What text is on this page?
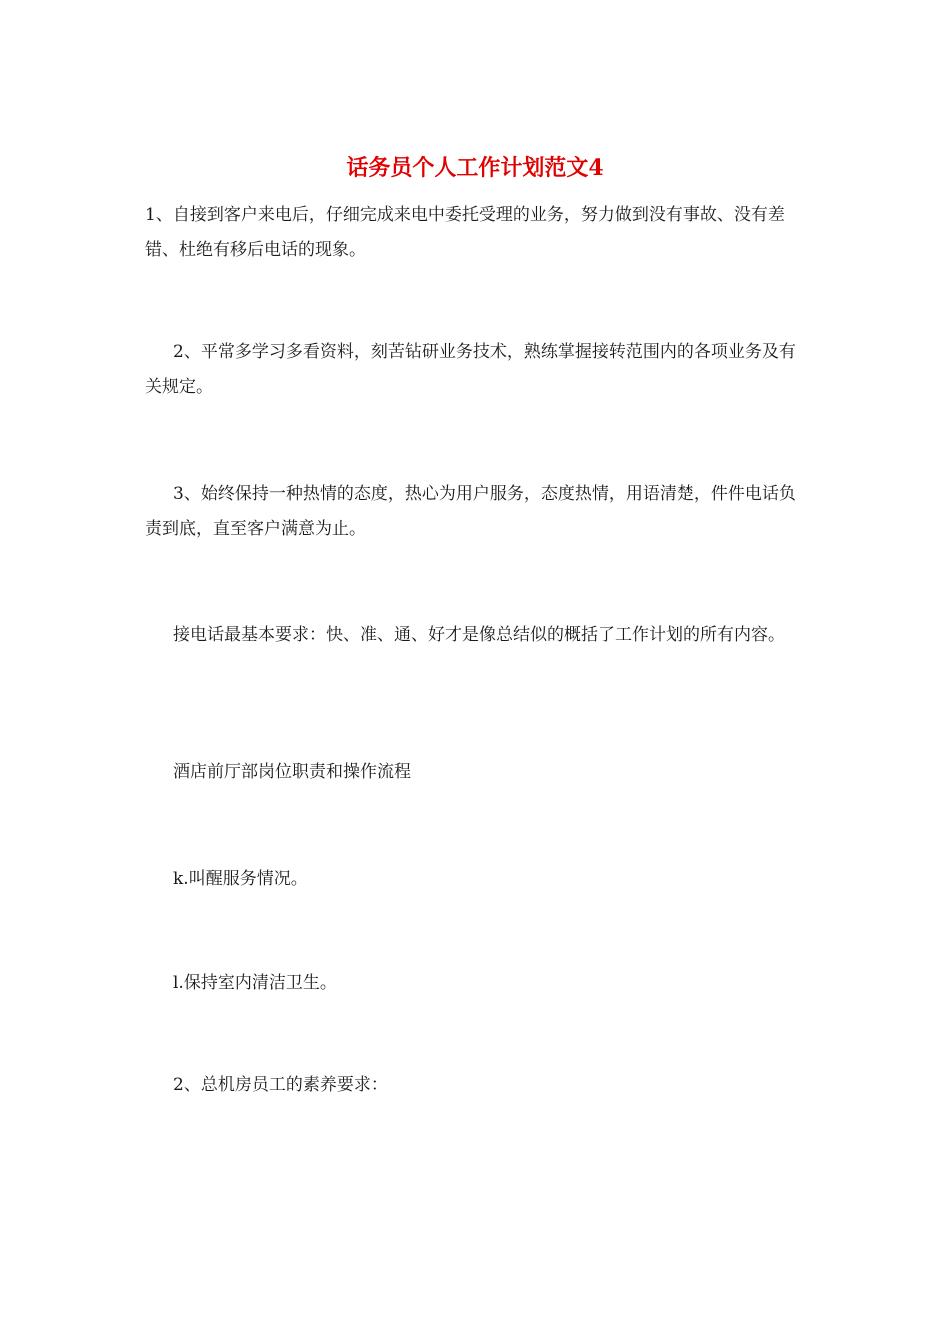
话务员个人工作计划范文4

1、自接到客户来电后，仔细完成来电中委托受理的业务，努力做到没有事故、没有差错、杜绝有移后电话的现象。

2、平常多学习多看资料，刻苦钻研业务技术，熟练掌握接转范围内的各项业务及有关规定。

3、始终保持一种热情的态度，热心为用户服务，态度热情，用语清楚，件件电话负责到底，直至客户满意为止。

接电话最基本要求：快、准、通、好才是像总结似的概括了工作计划的所有内容。

酒店前厅部岗位职责和操作流程

k.叫醒服务情况。

l.保持室内清洁卫生。

2、总机房员工的素养要求：
